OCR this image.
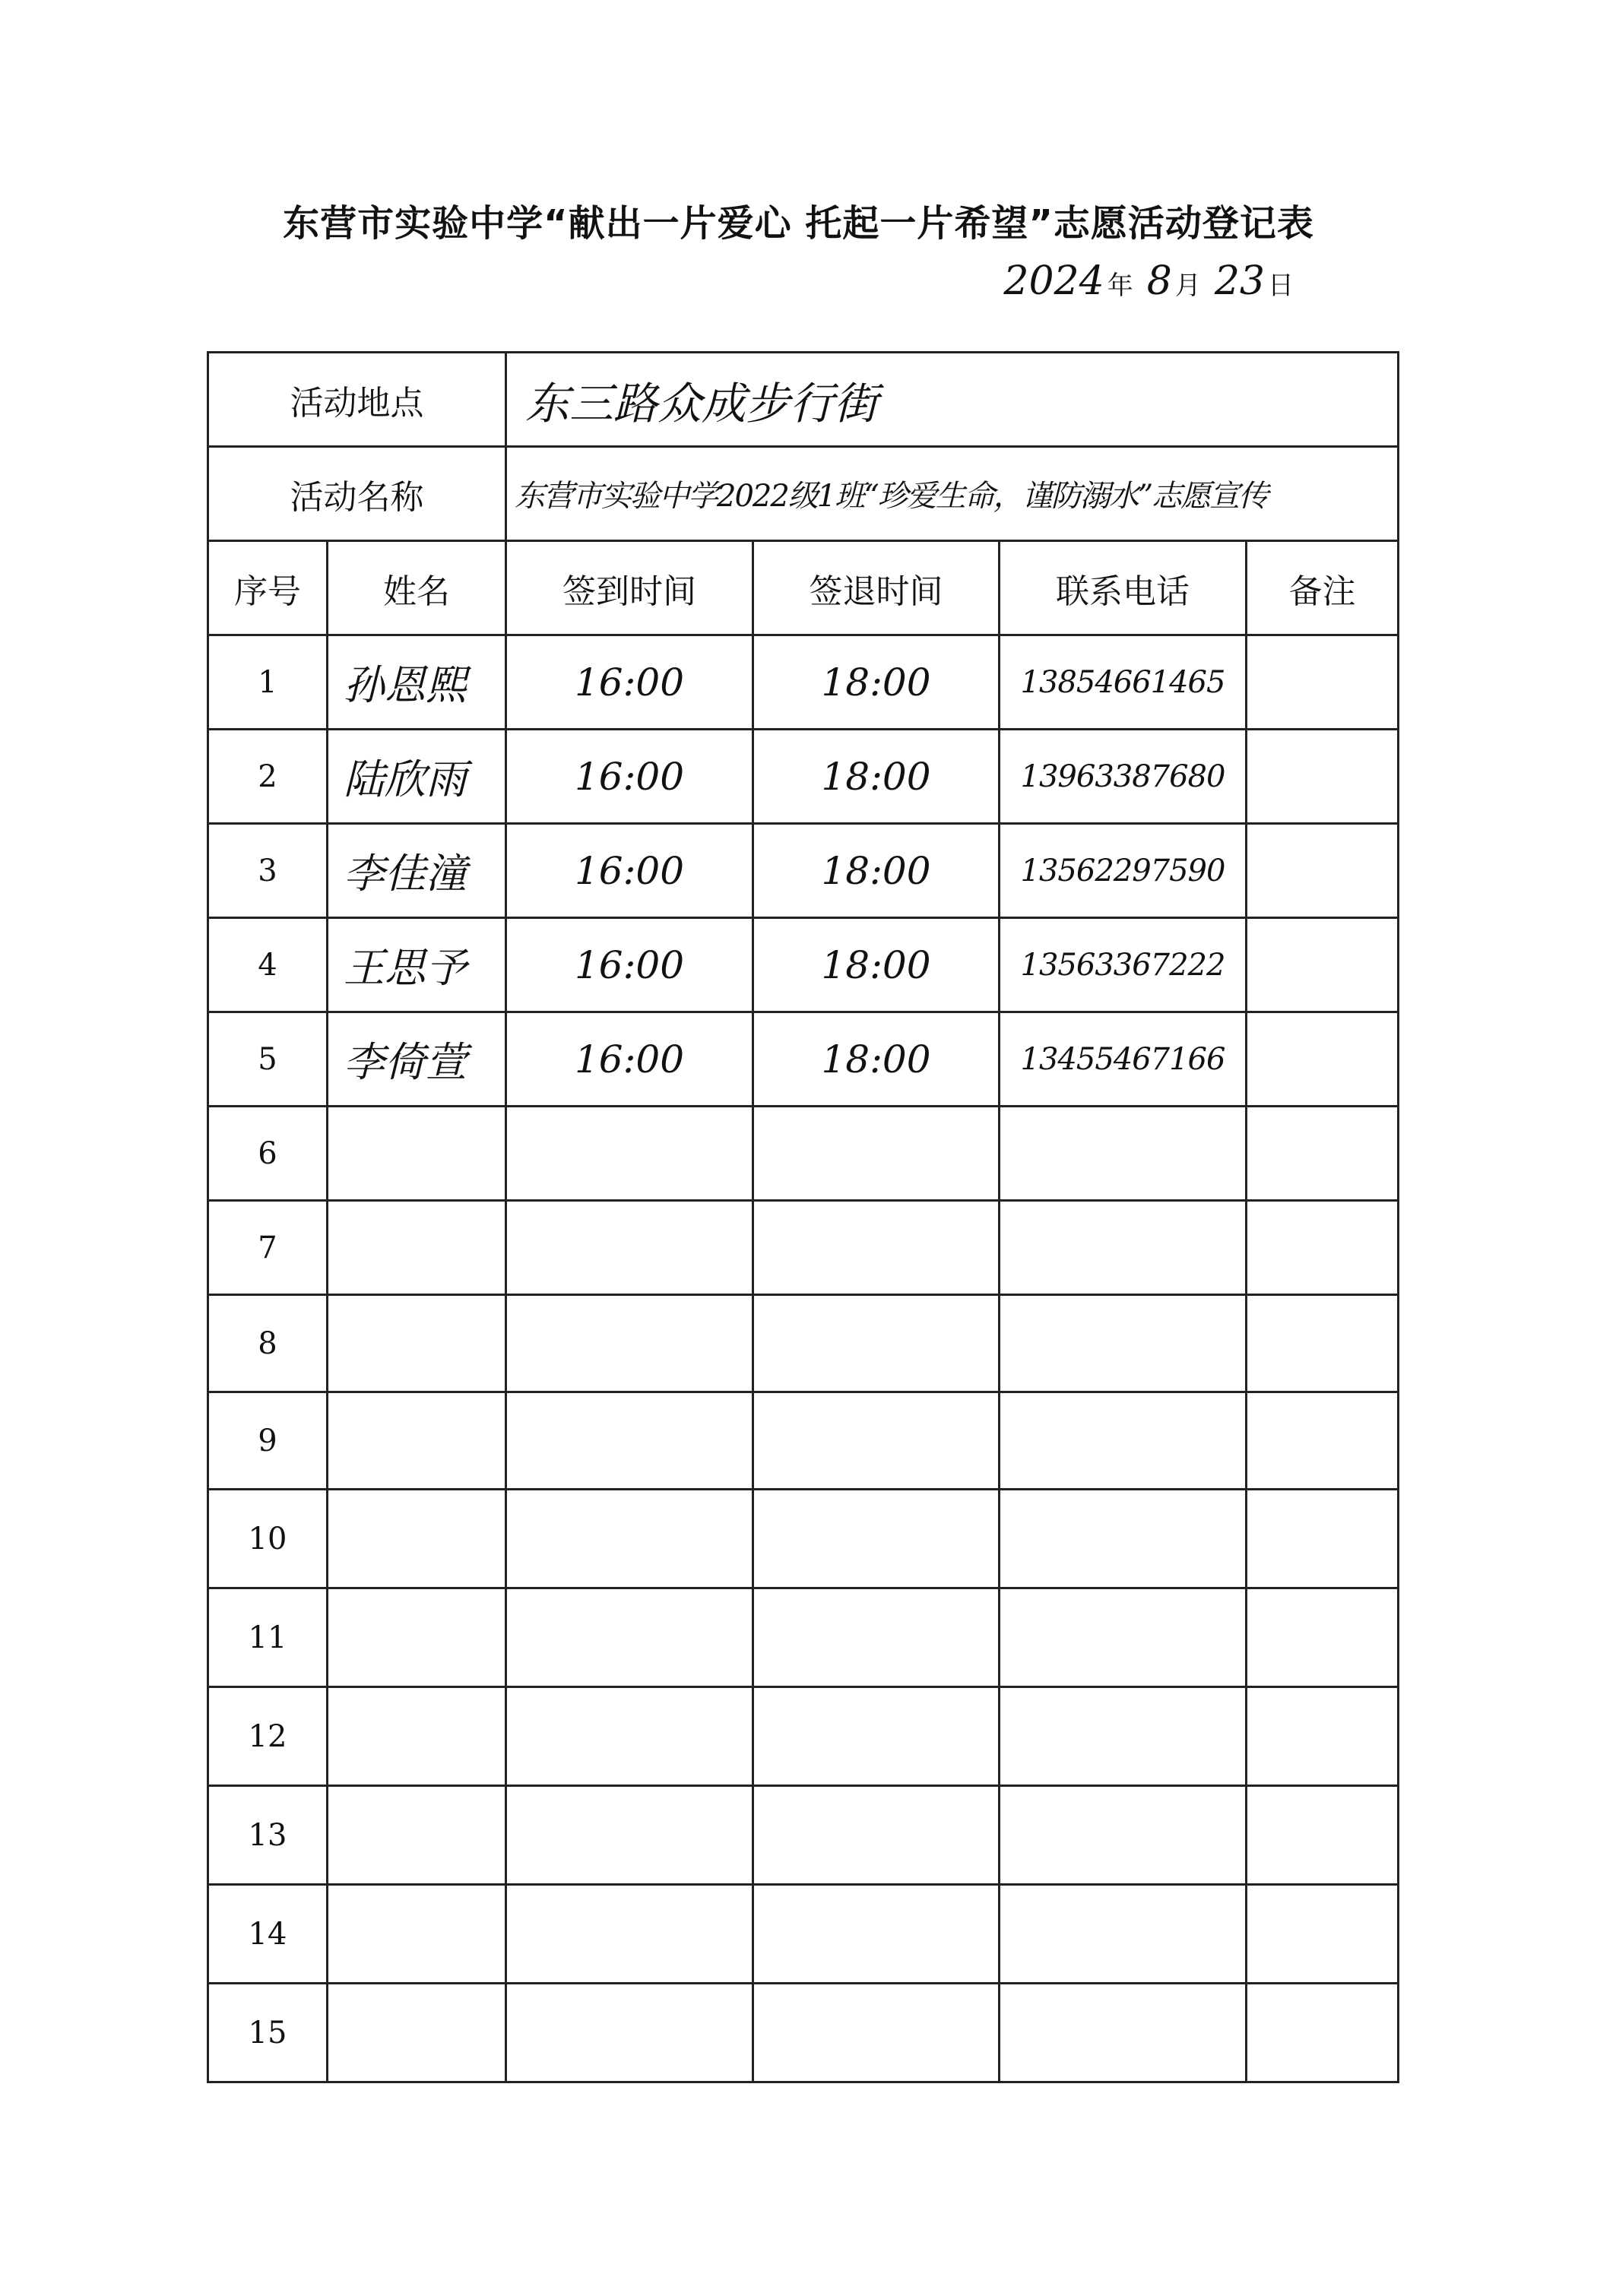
东营市实验中学“献出一片爱心 托起一片希望”志愿活动登记表
2024 年 8 月 23 日
活动地点		东三路众成步行街			
活动名称		东营市实验中学2022级1班“珍爱生命，谨防溺水”志愿宣传			
序号	姓名	签到时间	签退时间	联系电话	备注
1	孙恩熙	16:00	18:00	13854661465	
2	陆欣雨	16:00	18:00	13963387680	
3	李佳潼	16:00	18:00	13562297590	
4	王思予	16:00	18:00	13563367222	
5	李倚萱	16:00	18:00	13455467166	
6					
7					
8					
9					
10					
11					
12					
13					
14					
15					
